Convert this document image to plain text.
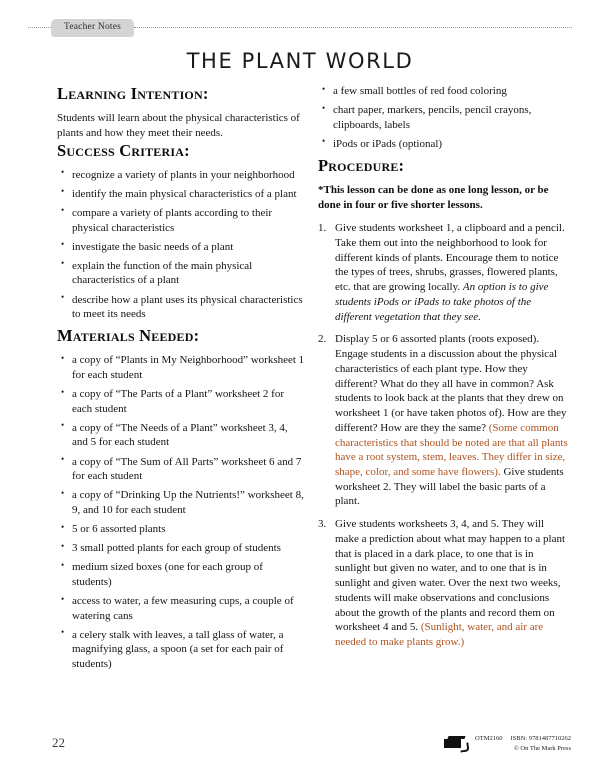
Teacher Notes
THE PLANT WORLD
Learning Intention:

Students will learn about the physical characteristics of plants and how they meet their needs.

Success Criteria:
• recognize a variety of plants in your neighborhood
• identify the main physical characteristics of a plant
• compare a variety of plants according to their physical characteristics
• investigate the basic needs of a plant
• explain the function of the main physical characteristics of a plant
• describe how a plant uses its physical characteristics to meet its needs
Materials Needed:
• a copy of “Plants in My Neighborhood” worksheet 1 for each student
• a copy of “The Parts of a Plant” worksheet 2 for each student
• a copy of “The Needs of a Plant” worksheet 3, 4, and 5 for each student
• a copy of “The Sum of All Parts” worksheet 6 and 7 for each student
• a copy of “Drinking Up the Nutrients!” worksheet 8, 9, and 10 for each student
• 5 or 6 assorted plants
• 3 small potted plants for each group of students
• medium sized boxes (one for each group of students)
• access to water, a few measuring cups, a couple of watering cans
• a celery stalk with leaves, a tall glass of water, a magnifying glass, a spoon (a set for each pair of students)
• a few small bottles of red food coloring
• chart paper, markers, pencils, pencil crayons, clipboards, labels
• iPods or iPads (optional)
Procedure:

*This lesson can be done as one long lesson, or be done in four or five shorter lessons.

Give students worksheet 1, a clipboard and a pencil. Take them out into the neighborhood to look for different kinds of plants. Encourage them to notice the types of trees, shrubs, grasses, flowered plants, etc. that are growing locally. An option is to give students iPods or iPads to take photos of the different vegetation that they see.
Display 5 or 6 assorted plants (roots exposed). Engage students in a discussion about the physical characteristics of each plant type. How they different? What do they all have in common? Ask students to look back at the plants that they drew on worksheet 1 (or have taken photos of). How are they different? How are they the same? (Some common characteristics that should be noted are that all plants have a root system, stem, leaves. They differ in size, shape, color, and some have flowers). Give students worksheet 2. They will label the basic parts of a plant.
Give students worksheets 3, 4, and 5. They will make a prediction about what may happen to a plant that is placed in a dark place, to one that is in sunlight but given no water, and to one that is in sunlight and given water. Over the next two weeks, students will make observations and conclusions about the growth of the plants and record them on worksheet 4 and 5. (Sunlight, water, and air are needed to make plants grow.)
22	OTM2160 ISBN: 9781487710262
© On The Mark Press
